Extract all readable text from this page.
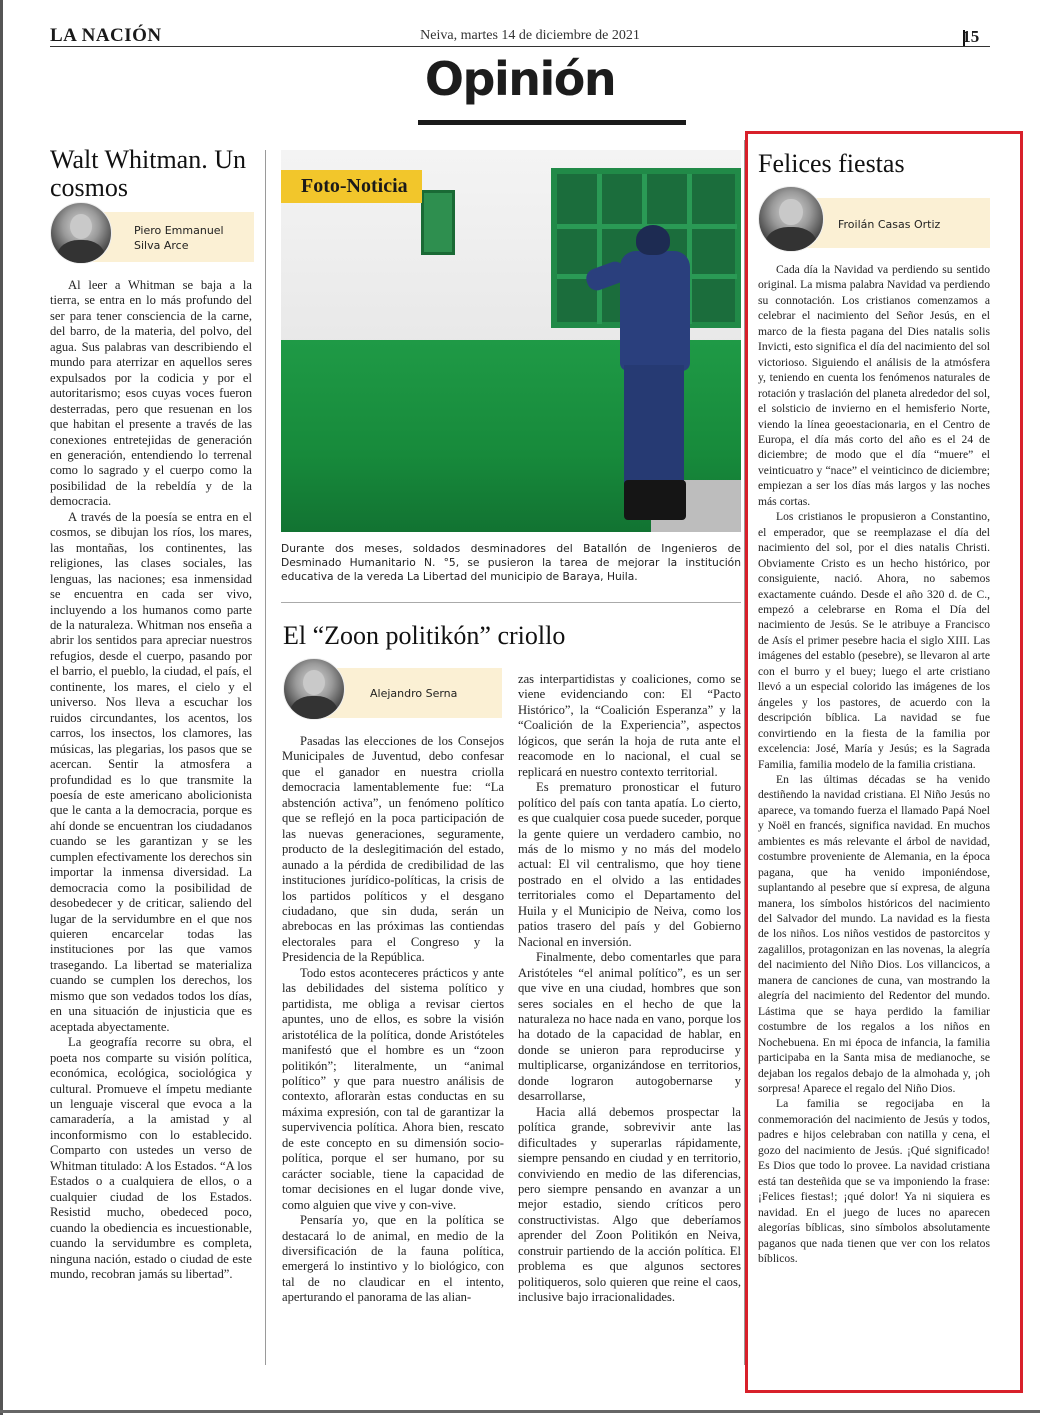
LA NACIÓN	Neiva, martes 14 de diciembre de 2021	15
Opinión
Walt Whitman. Un cosmos
Piero Emmanuel Silva Arce

Al leer a Whitman se baja a la tierra, se entra en lo más profundo del ser para tener consciencia de la carne, del barro, de la materia, del polvo, del agua. Sus palabras van describiendo el mundo para aterrizar en aquellos seres expulsados por la codicia y por el autoritarismo; esos cuyas voces fueron desterradas, pero que resuenan en los que habitan el presente a través de las conexiones entretejidas de generación en generación, entendiendo lo terrenal como lo sagrado y el cuerpo como la posibilidad de la rebeldía y de la democracia.

A través de la poesía se entra en el cosmos, se dibujan los ríos, los mares, las montañas, los continentes, las religiones, las clases sociales, las lenguas, las naciones; esa inmensidad se encuentra en cada ser vivo, incluyendo a los humanos como parte de la naturaleza. Whitman nos enseña a abrir los sentidos para apreciar nuestros refugios, desde el cuerpo, pasando por el barrio, el pueblo, la ciudad, el país, el continente, los mares, el cielo y el universo. Nos lleva a escuchar los ruidos circundantes, los acentos, los carros, los insectos, los clamores, las músicas, las plegarias, los pasos que se acercan. Sentir la atmosfera a profundidad es lo que transmite la poesía de este americano abolicionista que le canta a la democracia, porque es ahí donde se encuentran los ciudadanos cuando se les garantizan y se les cumplen efectivamente los derechos sin importar la inmensa diversidad. La democracia como la posibilidad de desobedecer y de criticar, saliendo del lugar de la servidumbre en el que nos quieren encarcelar todas las instituciones por las que vamos trasegando. La libertad se materializa cuando se cumplen los derechos, los mismo que son vedados todos los días, en una situación de injusticia que es aceptada abyectamente.

La geografía recorre su obra, el poeta nos comparte su visión política, económica, ecológica, sociológica y cultural. Promueve el ímpetu mediante un lenguaje visceral que evoca a la camaradería, a la amistad y al inconformismo con lo establecido. Comparto con ustedes un verso de Whitman titulado: A los Estados. “A los Estados o a cualquiera de ellos, o a cualquier ciudad de los Estados. Resistid mucho, obedeced poco, cuando la obediencia es incuestionable, cuando la servidumbre es completa, ninguna nación, estado o ciudad de este mundo, recobran jamás su libertad”.

Foto-Noticia
Durante dos meses, soldados desminadores del Batallón de Ingenieros de Desminado Humanitario N. °5, se pusieron la tarea de mejorar la institución educativa de la vereda La Libertad del municipio de Baraya, Huila.
El “Zoon politikón” criollo
Alejandro Serna

Pasadas las elecciones de los Consejos Municipales de Juventud, debo confesar que el ganador en nuestra criolla democracia lamentablemente fue: “La abstención activa”, un fenómeno político que se reflejó en la poca participación de las nuevas generaciones, seguramente, producto de la deslegitimación del estado, aunado a la pérdida de credibilidad de las instituciones jurídico-políticas, la crisis de los partidos políticos y el desgano ciudadano, que sin duda, serán un abrebocas en las próximas las contiendas electorales para el Congreso y la Presidencia de la República.

Todo estos aconteceres prácticos y ante las debilidades del sistema político y partidista, me obliga a revisar ciertos apuntes, uno de ellos, es sobre la visión aristotélica de la política, donde Aristóteles manifestó que el hombre es un “zoon politikón”; literalmente, un “animal político” y que para nuestro análisis de contexto, afloraràn estas conductas en su máxima expresión, con tal de garantizar la supervivencia política. Ahora bien, rescato de este concepto en su dimensión socio-política, porque el ser humano, por su carácter sociable, tiene la capacidad de tomar decisiones en el lugar donde vive, como alguien que vive y con-vive.

Pensaría yo, que en la política se destacará lo de animal, en medio de la diversificación de la fauna política, emergerá lo instintivo y lo biológico, con tal de no claudicar en el intento, aperturando el panorama de las alian-

zas interpartidistas y coaliciones, como se viene evidenciando con: El “Pacto Histórico”, la “Coalición Esperanza” y la “Coalición de la Experiencia”, aspectos lógicos, que serán la hoja de ruta ante el reacomode en lo nacional, el cual se replicará en nuestro contexto territorial.

Es prematuro pronosticar el futuro político del país con tanta apatía. Lo cierto, es que cualquier cosa puede suceder, porque la gente quiere un verdadero cambio, no más de lo mismo y no más del modelo actual: El vil centralismo, que hoy tiene postrado en el olvido a las entidades territoriales como el Departamento del Huila y el Municipio de Neiva, como los patios trasero del país y del Gobierno Nacional en inversión.

Finalmente, debo comentarles que para Aristóteles “el animal político”, es un ser que vive en una ciudad, hombres que son seres sociales en el hecho de que la naturaleza no hace nada en vano, porque los ha dotado de la capacidad de hablar, en donde se unieron para reproducirse y multiplicarse, organizándose en territorios, donde lograron autogobernarse y desarrollarse,

Hacia allá debemos prospectar la política grande, sobrevivir ante las dificultades y superarlas rápidamente, siempre pensando en ciudad y en territorio, conviviendo en medio de las diferencias, pero siempre pensando en avanzar a un mejor estadio, siendo críticos pero constructivistas. Algo que deberíamos aprender del Zoon Politikón en Neiva, construir partiendo de la acción política. El problema es que algunos sectores politiqueros, solo quieren que reine el caos, inclusive bajo irracionalidades.

Felices fiestas
Froilán Casas Ortiz

Cada día la Navidad va perdiendo su sentido original. La misma palabra Navidad va perdiendo su connotación. Los cristianos comenzamos a celebrar el nacimiento del Señor Jesús, en el marco de la fiesta pagana del Dies natalis solis Invicti, esto significa el día del nacimiento del sol victorioso. Siguiendo el análisis de la atmósfera y, teniendo en cuenta los fenómenos naturales de rotación y traslación del planeta alrededor del sol, el solsticio de invierno en el hemisferio Norte, viendo la línea geoestacionaria, en el Centro de Europa, el día más corto del año es el 24 de diciembre; de modo que el día “muere” el veinticuatro y “nace” el veinticinco de diciembre; empiezan a ser los días más largos y las noches más cortas.

Los cristianos le propusieron a Constantino, el emperador, que se reemplazase el día del nacimiento del sol, por el dies natalis Christi. Obviamente Cristo es un hecho histórico, por consiguiente, nació. Ahora, no sabemos exactamente cuándo. Desde el año 320 d. de C., empezó a celebrarse en Roma el Día del nacimiento de Jesús. Se le atribuye a Francisco de Asís el primer pesebre hacia el siglo XIII. Las imágenes del establo (pesebre), se llevaron al arte con el burro y el buey; luego el arte cristiano llevó a un especial colorido las imágenes de los ángeles y los pastores, de acuerdo con la descripción bíblica. La navidad se fue convirtiendo en la fiesta de la familia por excelencia: José, María y Jesús; es la Sagrada Familia, familia modelo de la familia cristiana.

En las últimas décadas se ha venido destiñendo la navidad cristiana. El Niño Jesús no aparece, va tomando fuerza el llamado Papá Noel y Noël en francés, significa navidad. En muchos ambientes es más relevante el árbol de navidad, costumbre proveniente de Alemania, en la época pagana, que ha venido imponiéndose, suplantando al pesebre que sí expresa, de alguna manera, los símbolos históricos del nacimiento del Salvador del mundo. La navidad es la fiesta de los niños. Los niños vestidos de pastorcitos y zagalillos, protagonizan en las novenas, la alegría del nacimiento del Niño Dios. Los villancicos, a manera de canciones de cuna, van mostrando la alegría del nacimiento del Redentor del mundo. Lástima que se haya perdido la familiar costumbre de los regalos a los niños en Nochebuena. En mi época de infancia, la familia participaba en la Santa misa de medianoche, se dejaban los regalos debajo de la almohada y, ¡oh sorpresa! Aparece el regalo del Niño Dios.

La familia se regocijaba en la conmemoración del nacimiento de Jesús y todos, padres e hijos celebraban con natilla y cena, el gozo del nacimiento de Jesús. ¡Qué significado! Es Dios que todo lo provee. La navidad cristiana está tan desteñida que se va imponiendo la frase: ¡Felices fiestas!; ¡qué dolor! Ya ni siquiera es navidad. En el juego de luces no aparecen alegorías bíblicas, sino símbolos absolutamente paganos que nada tienen que ver con los relatos bíblicos.
